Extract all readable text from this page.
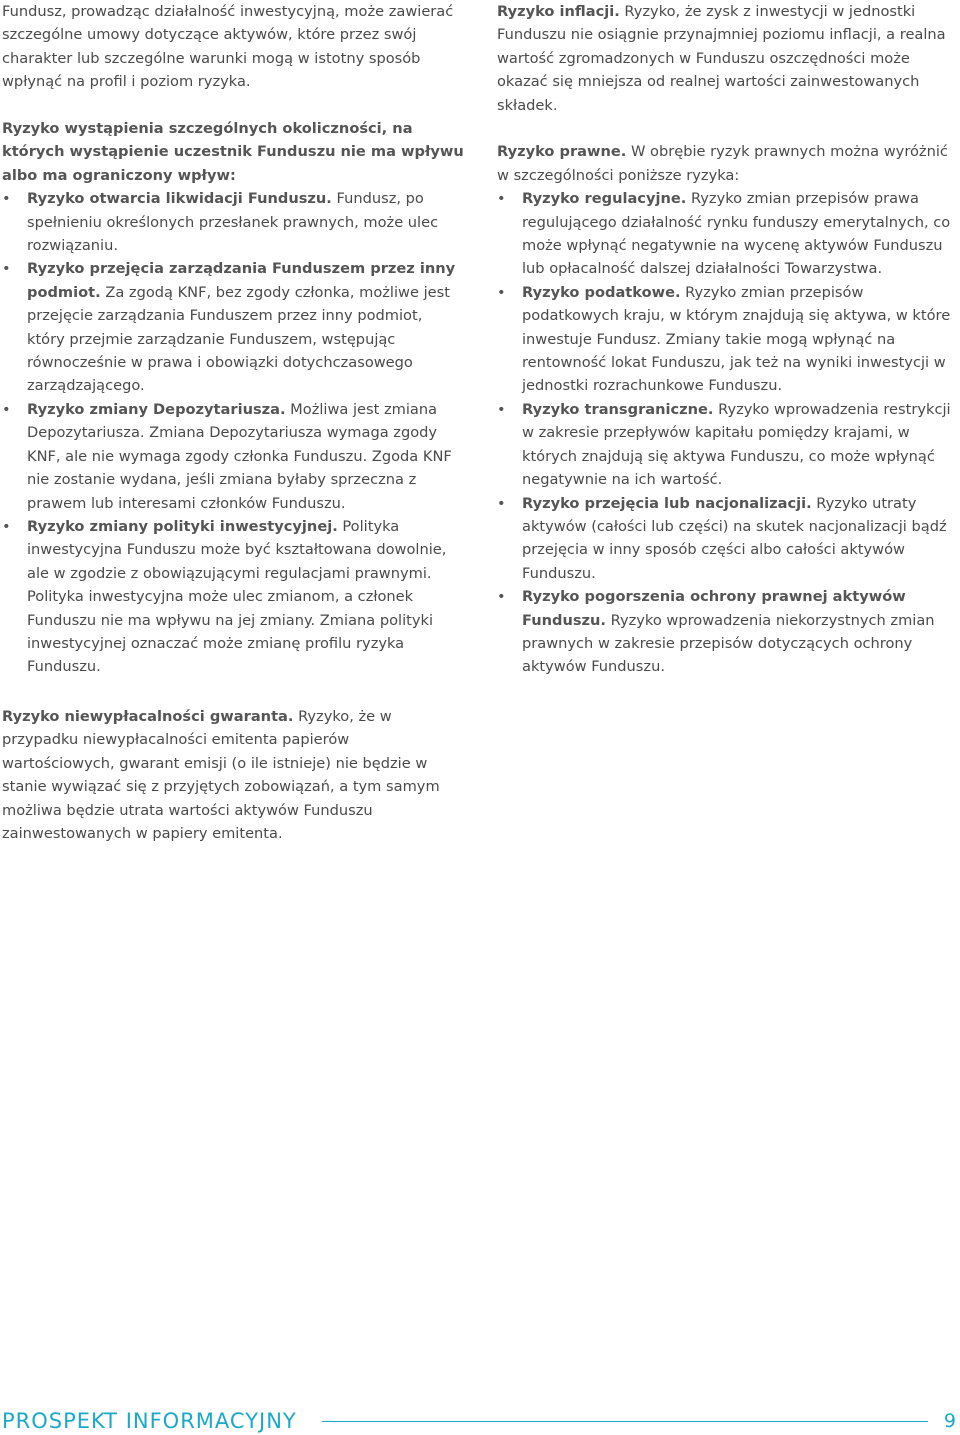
Fundusz, prowadząc działalność inwestycyjną, może zawierać szczególne umowy dotyczące aktywów, które przez swój charakter lub szczególne warunki mogą w istotny sposób wpłynąć na profil i poziom ryzyka.

Ryzyko wystąpienia szczególnych okoliczności, na których wystąpienie uczestnik Funduszu nie ma wpływu albo ma ograniczony wpływ:

• Ryzyko otwarcia likwidacji Funduszu. Fundusz, po spełnieniu określonych przesłanek prawnych, może ulec rozwiązaniu.
• Ryzyko przejęcia zarządzania Funduszem przez inny podmiot. Za zgodą KNF, bez zgody członka, możliwe jest przejęcie zarządzania Funduszem przez inny podmiot, który przejmie zarządzanie Funduszem, wstępując równocześnie w prawa i obowiązki dotychczasowego zarządzającego.
• Ryzyko zmiany Depozytariusza. Możliwa jest zmiana Depozytariusza. Zmiana Depozytariusza wymaga zgody KNF, ale nie wymaga zgody członka Funduszu. Zgoda KNF nie zostanie wydana, jeśli zmiana byłaby sprzeczna z prawem lub interesami członków Funduszu.
• Ryzyko zmiany polityki inwestycyjnej. Polityka inwestycyjna Funduszu może być kształtowana dowolnie, ale w zgodzie z obowiązującymi regulacjami prawnymi. Polityka inwestycyjna może ulec zmianom, a członek Funduszu nie ma wpływu na jej zmiany. Zmiana polityki inwestycyjnej oznaczać może zmianę profilu ryzyka Funduszu.

Ryzyko inflacji. Ryzyko, że zysk z inwestycji w jednostki Funduszu nie osiągnie przynajmniej poziomu inflacji, a realna wartość zgromadzonych w Funduszu oszczędności może okazać się mniejsza od realnej wartości zainwestowanych składek.

Ryzyko prawne. W obrębie ryzyk prawnych można wyróżnić w szczególności poniższe ryzyka:

• Ryzyko regulacyjne. Ryzyko zmian przepisów prawa regulującego działalność rynku funduszy emerytalnych, co może wpłynąć negatywnie na wycenę aktywów Funduszu lub opłacalność dalszej działalności Towarzystwa.
• Ryzyko podatkowe. Ryzyko zmian przepisów podatkowych kraju, w którym znajdują się aktywa, w które inwestuje Fundusz. Zmiany takie mogą wpłynąć na rentowność lokat Funduszu, jak też na wyniki inwestycji w jednostki rozrachunkowe Funduszu.
• Ryzyko transgraniczne. Ryzyko wprowadzenia restrykcji w zakresie przepływów kapitału pomiędzy krajami, w których znajdują się aktywa Funduszu, co może wpłynąć negatywnie na ich wartość.
• Ryzyko przejęcia lub nacjonalizacji. Ryzyko utraty aktywów (całości lub części) na skutek nacjonalizacji bądź przejęcia w inny sposób części albo całości aktywów Funduszu.
• Ryzyko pogorszenia ochrony prawnej aktywów Funduszu. Ryzyko wprowadzenia niekorzystnych zmian prawnych w zakresie przepisów dotyczących ochrony aktywów Funduszu.

Ryzyko niewypłacalności gwaranta. Ryzyko, że w przypadku niewypłacalności emitenta papierów wartościowych, gwarant emisji (o ile istnieje) nie będzie w stanie wywiązać się z przyjętych zobowiązań, a tym samym możliwa będzie utrata wartości aktywów Funduszu zainwestowanych w papiery emitenta.

PROSPEKT INFORMACYJNY	9
